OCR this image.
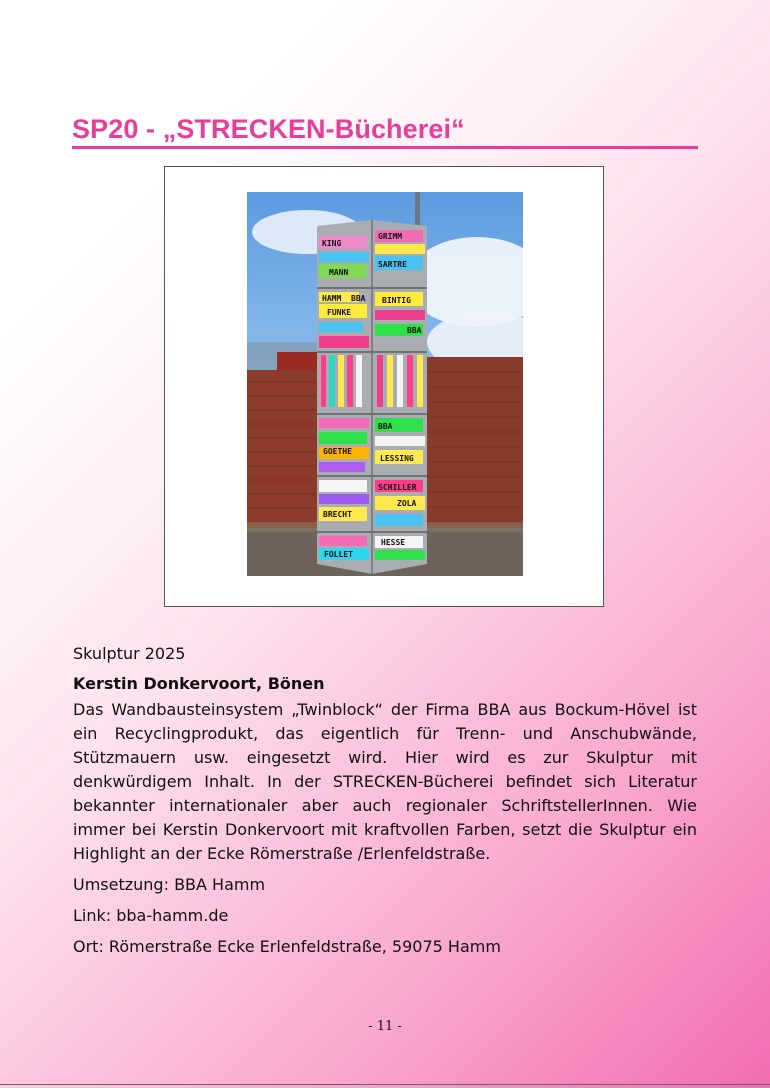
SP20 - „STRECKEN-Bücherei“
KING
GRIMM
MANN
SARTRE
HAMM BBA BINTIG
FUNKE
BBA
BBA
GOETHE
LESSING
SCHILLER
BRECHT
ZOLA
HESSE
FOLLET

Skulptur 2025

Kerstin Donkervoort, Bönen

Das Wandbausteinsystem „Twinblock“ der Firma BBA aus Bockum-Hövel ist ein Recyclingprodukt, das eigentlich für Trenn- und Anschubwände, Stützmauern usw. eingesetzt wird. Hier wird es zur Skulptur mit denkwürdigem Inhalt. In der STRECKEN-Bücherei befindet sich Literatur bekannter internationaler aber auch regionaler SchriftstellerInnen. Wie immer bei Kerstin Donkervoort mit kraftvollen Farben, setzt die Skulptur ein Highlight an der Ecke Römerstraße /Erlenfeldstraße.

Umsetzung: BBA Hamm

Link: bba-hamm.de

Ort: Römerstraße Ecke Erlenfeldstraße, 59075 Hamm

- 11 -
